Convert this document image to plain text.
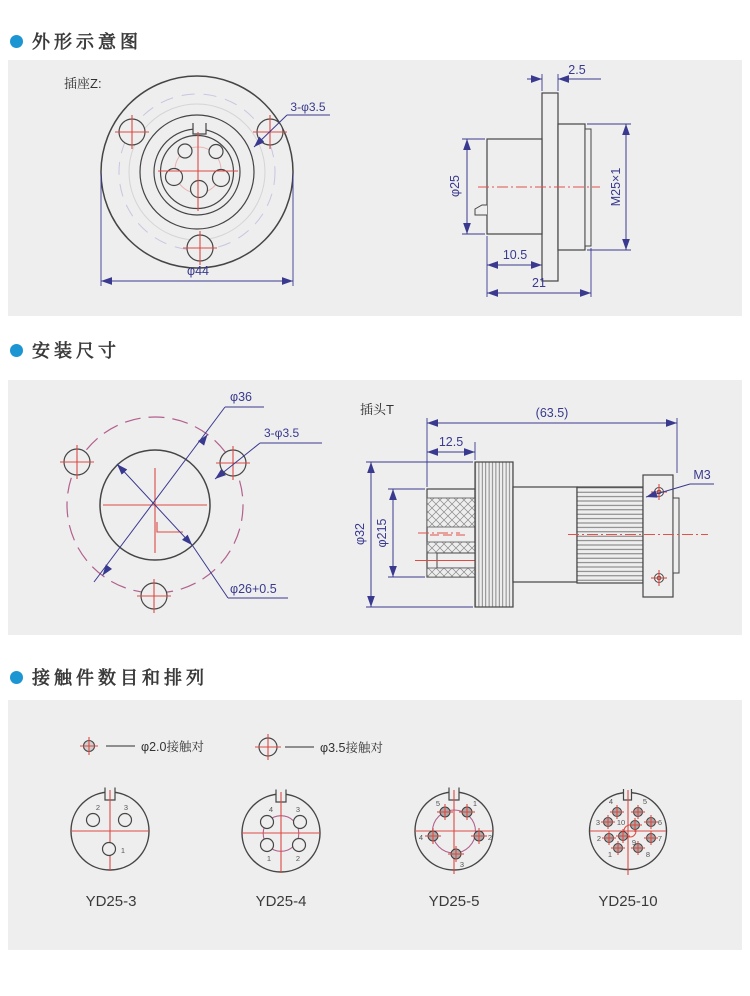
外形示意图
3-φ3.5
φ44
插座Z:
2.5
φ25	M25×1
10.5
21
安装尺寸
φ36
3-φ3.5
φ26+0.5
插头T	(63.5)
12.5
φ32 φ215
M3
接触件数目和排列
φ2.0接触对	φ3.5接触对
2	3
1
YD25-3
4	3
1	2
YD25-4
5	1
4	2
3
YD25-5
4	5
3 10	6
2	9	7
1	8
YD25-10
